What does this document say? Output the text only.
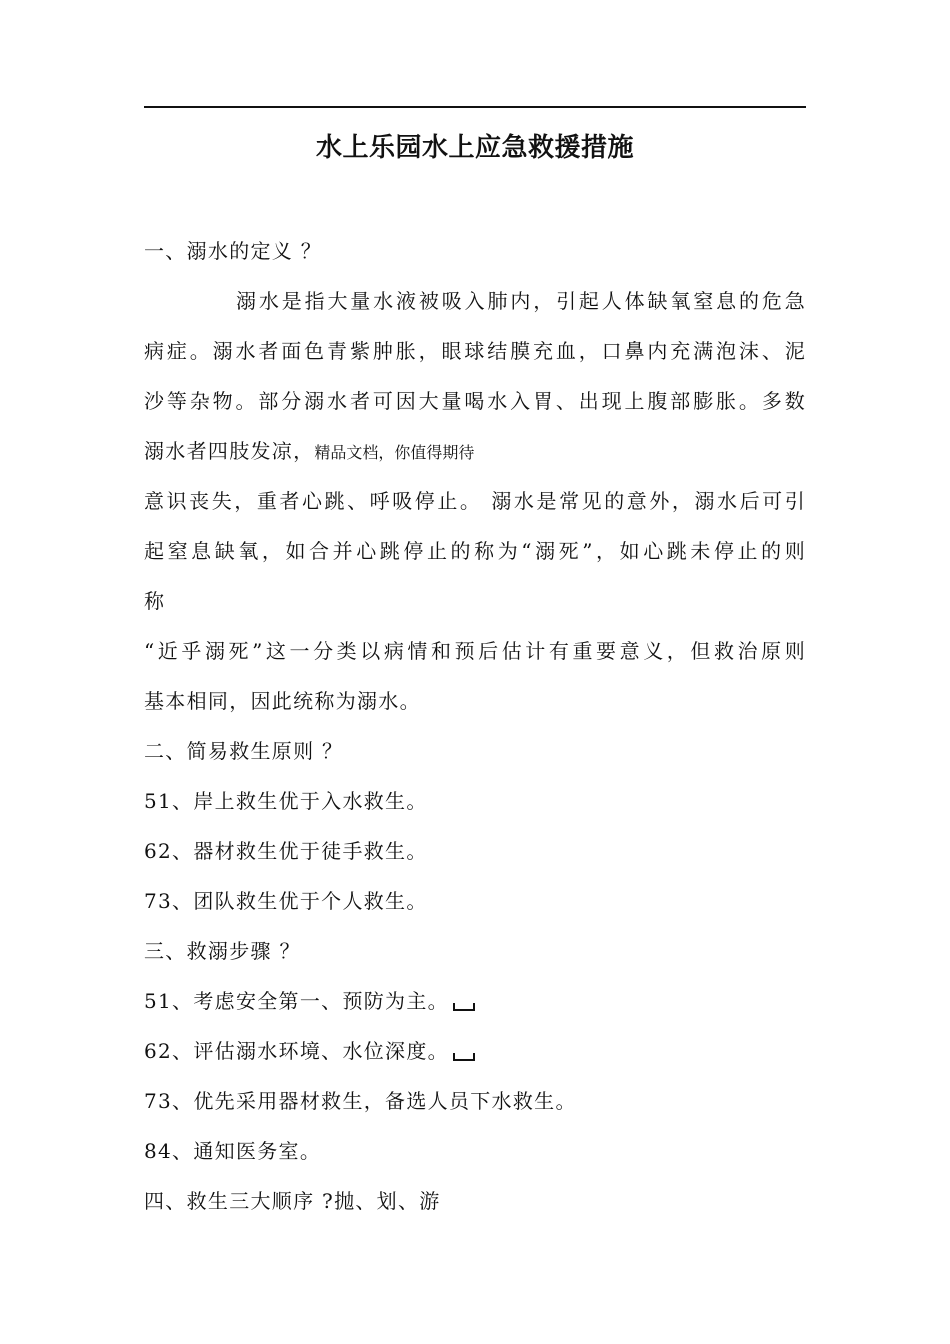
水上乐园水上应急救援措施
一、溺水的定义 ？
溺水是指大量水液被吸入肺内，引起人体缺氧窒息的危急
病症。溺水者面色青紫肿胀，眼球结膜充血，口鼻内充满泡沫、泥
沙等杂物。部分溺水者可因大量喝水入胃、出现上腹部膨胀。多数
溺水者四肢发凉，精品文档，你值得期待
意识丧失，重者心跳、呼吸停止。 溺水是常见的意外，溺水后可引
起窒息缺氧，如合并心跳停止的称为“溺死”，如心跳未停止的则
称
“近乎溺死”这一分类以病情和预后估计有重要意义，但救治原则
基本相同，因此统称为溺水。
二、简易救生原则 ？
51、岸上救生优于入水救生。
62、器材救生优于徒手救生。
73、团队救生优于个人救生。
三、救溺步骤 ？
51、考虑安全第一、预防为主。
62、评估溺水环境、水位深度。
73、优先采用器材救生，备选人员下水救生。
84、通知医务室。
四、救生三大顺序 ?抛、划、游
